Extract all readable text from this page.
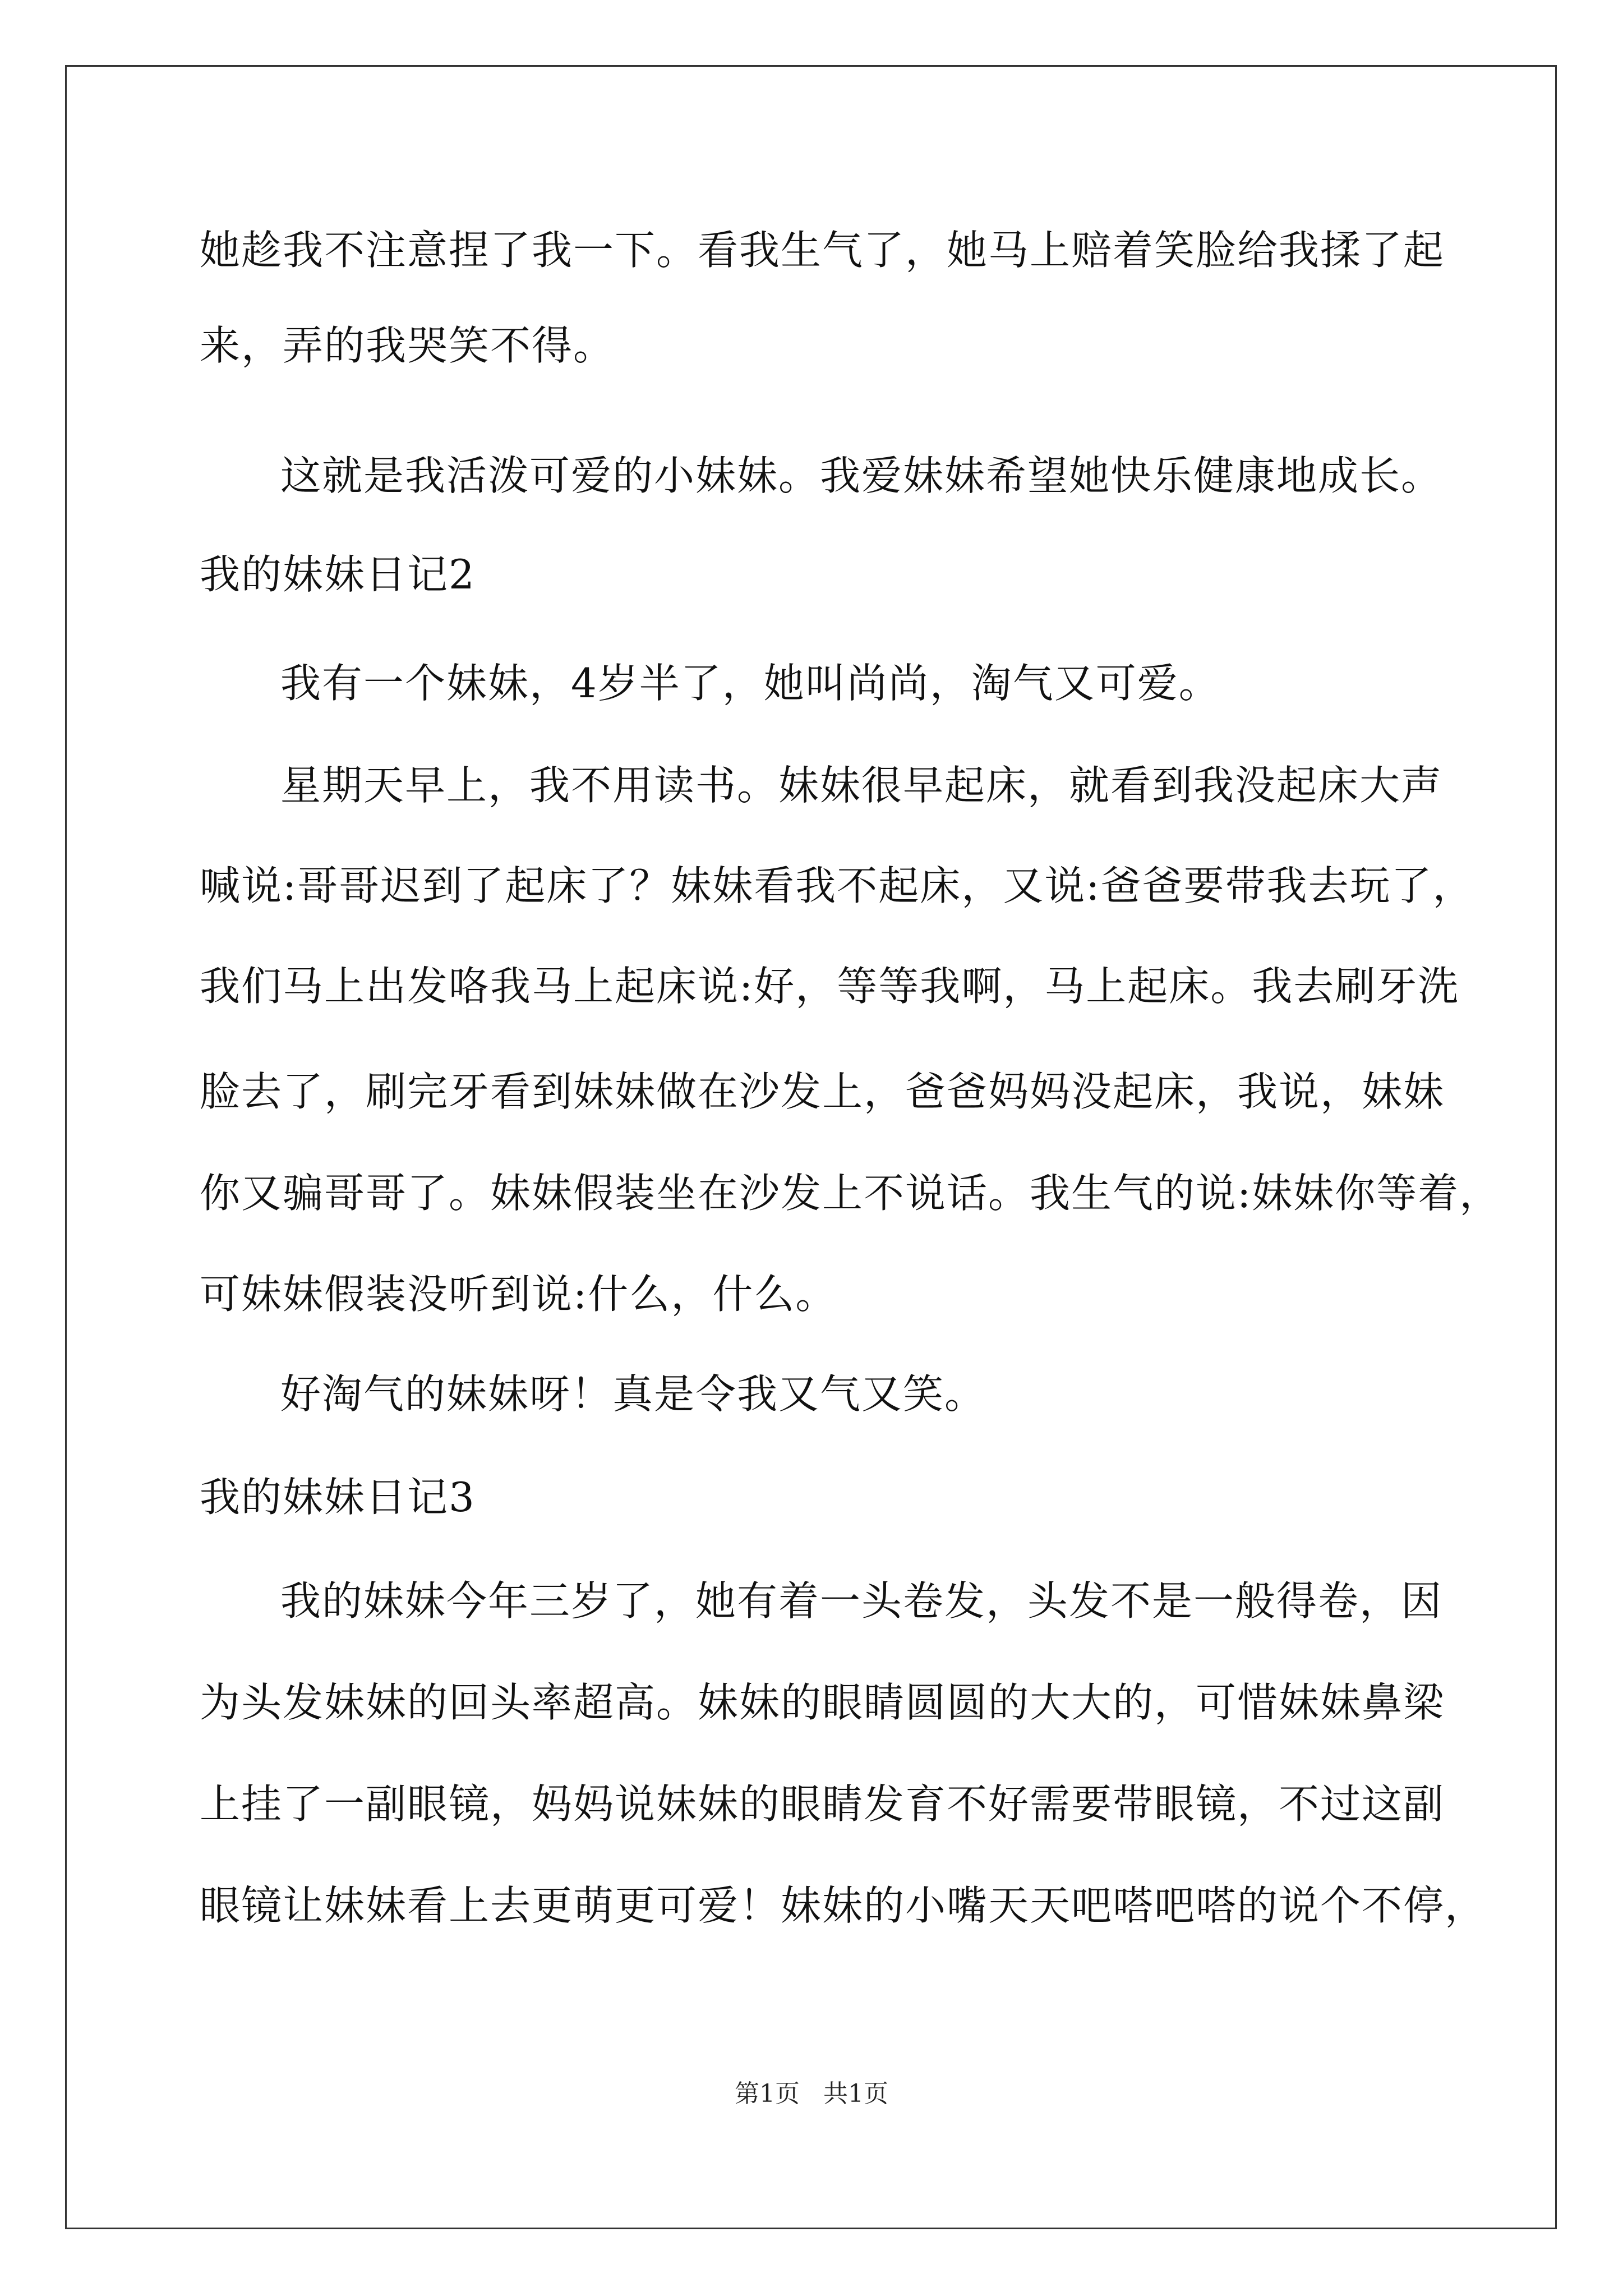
她趁我不注意捏了我一下。看我生气了，她马上赔着笑脸给我揉了起
来，弄的我哭笑不得。
这就是我活泼可爱的小妹妹。我爱妹妹希望她快乐健康地成长。
我的妹妹日记2
我有一个妹妹，4岁半了，她叫尚尚，淘气又可爱。
星期天早上，我不用读书。妹妹很早起床，就看到我没起床大声
喊说:哥哥迟到了起床了？妹妹看我不起床，又说:爸爸要带我去玩了，
我们马上出发咯我马上起床说:好，等等我啊，马上起床。我去刷牙洗
脸去了，刷完牙看到妹妹做在沙发上，爸爸妈妈没起床，我说，妹妹
你又骗哥哥了。妹妹假装坐在沙发上不说话。我生气的说:妹妹你等着，
可妹妹假装没听到说:什么，什么。
好淘气的妹妹呀！真是令我又气又笑。
我的妹妹日记3
我的妹妹今年三岁了，她有着一头卷发，头发不是一般得卷，因
为头发妹妹的回头率超高。妹妹的眼睛圆圆的大大的，可惜妹妹鼻梁
上挂了一副眼镜，妈妈说妹妹的眼睛发育不好需要带眼镜，不过这副
眼镜让妹妹看上去更萌更可爱！妹妹的小嘴天天吧嗒吧嗒的说个不停，
第1页   共1页
